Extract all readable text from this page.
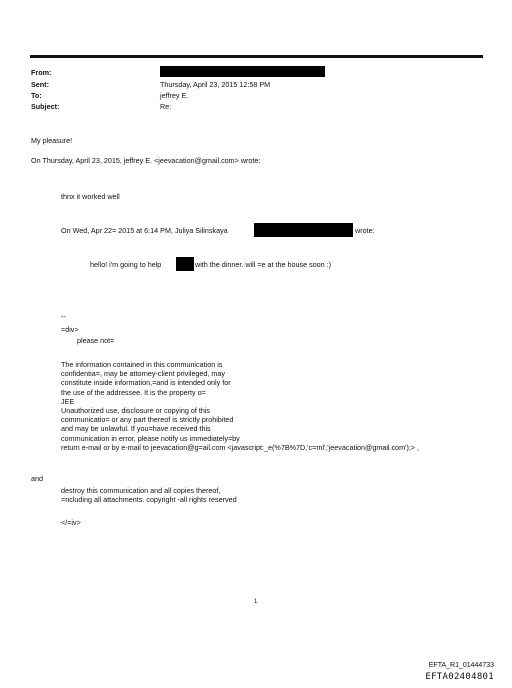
From:
Sent:
To:
Subject:
Thursday, April 23, 2015 12:58 PM
jeffrey E.
Re:
My pleasure!
On Thursday, April 23, 2015, jeffrey E. <jeevacation@gmail.com> wrote:
thnx it worked well
On Wed, Apr 22= 2015 at 6:14 PM, Juliya Silinskaya	wrote:
hello! i'm going to help	with the dinner. will =e at the house soon :)
--
=div>
please not=
The information contained in this communication is
confidentia=, may be attorney-client privileged, may
constitute inside information,=and is intended only for
the use of the addressee. It is the property o=
JEE
Unauthorized use, disclosure or copying of this
communicatio= or any part thereof is strictly prohibited
and may be unlawful. If you=have received this
communication in error, please notify us immediately=by
return e-mail or by e-mail to jeevacation@g=ail.com <javascript:_e(%7B%7D,'c=ml','jeevacation@gmail.com');> ,
and
destroy this communication and all copies thereof,
=ncluding all attachments. copyright -all rights reserved
</=iv>
1
EFTA_R1_01444733
EFTA02404801
